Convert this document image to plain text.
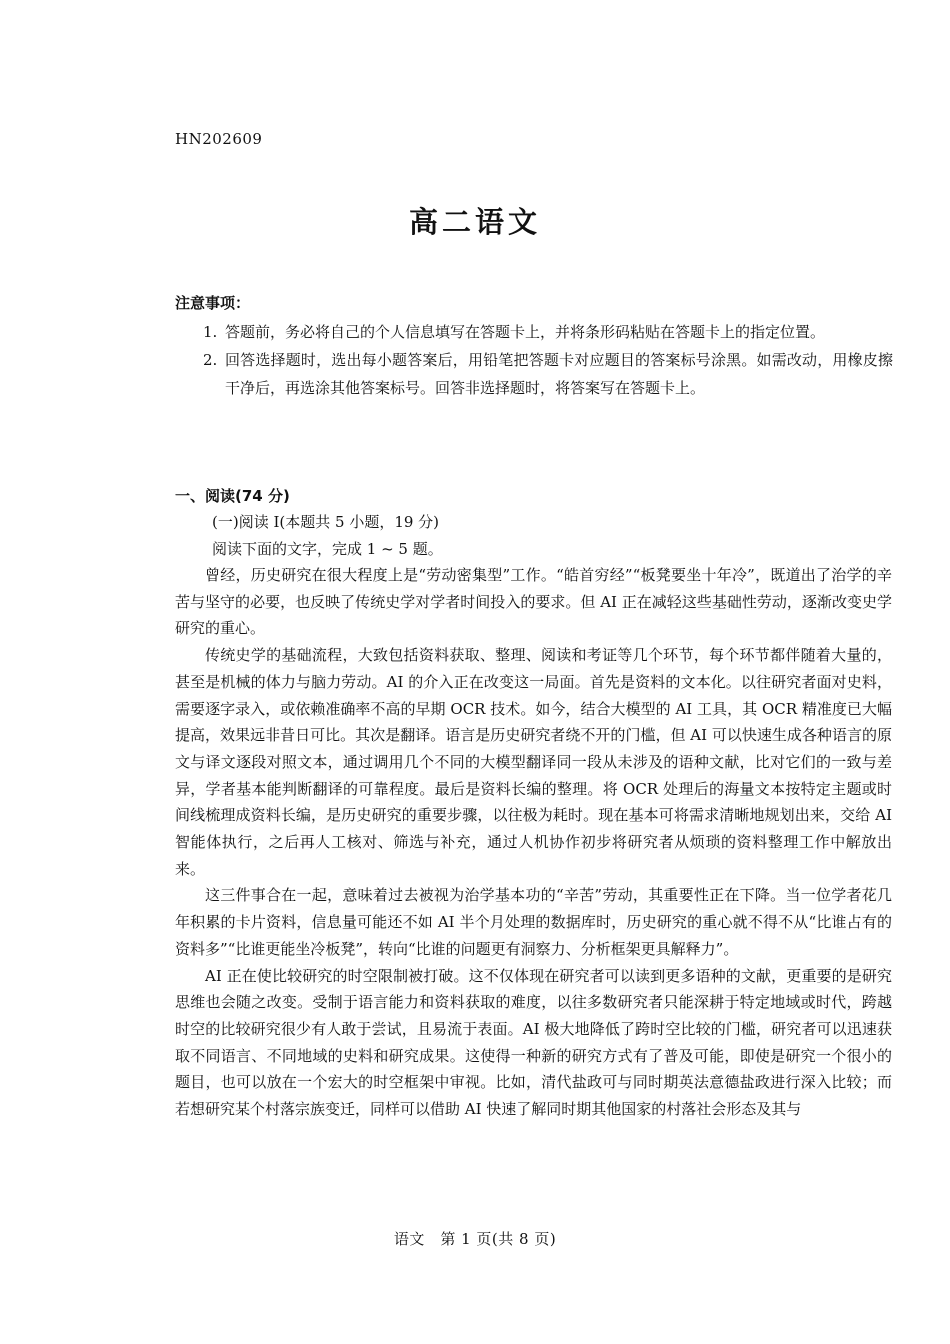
HN202609
高二语文
注意事项：
1. 答题前，务必将自己的个人信息填写在答题卡上，并将条形码粘贴在答题卡上的指定位置。
2. 回答选择题时，选出每小题答案后，用铅笔把答题卡对应题目的答案标号涂黑。如需改动，用橡皮擦干净后，再选涂其他答案标号。回答非选择题时，将答案写在答题卡上。
一、阅读(74 分)
(一)阅读 Ⅰ(本题共 5 小题，19 分)
阅读下面的文字，完成 1 ~ 5 题。

曾经，历史研究在很大程度上是“劳动密集型”工作。“皓首穷经”“板凳要坐十年冷”，既道出了治学的辛苦与坚守的必要，也反映了传统史学对学者时间投入的要求。但 AI 正在减轻这些基础性劳动，逐渐改变史学研究的重心。

传统史学的基础流程，大致包括资料获取、整理、阅读和考证等几个环节，每个环节都伴随着大量的，甚至是机械的体力与脑力劳动。AI 的介入正在改变这一局面。首先是资料的文本化。以往研究者面对史料，需要逐字录入，或依赖准确率不高的早期 OCR 技术。如今，结合大模型的 AI 工具，其 OCR 精准度已大幅提高，效果远非昔日可比。其次是翻译。语言是历史研究者绕不开的门槛，但 AI 可以快速生成各种语言的原文与译文逐段对照文本，通过调用几个不同的大模型翻译同一段从未涉及的语种文献，比对它们的一致与差异，学者基本能判断翻译的可靠程度。最后是资料长编的整理。将 OCR 处理后的海量文本按特定主题或时间线梳理成资料长编，是历史研究的重要步骤，以往极为耗时。现在基本可将需求清晰地规划出来，交给 AI 智能体执行，之后再人工核对、筛选与补充，通过人机协作初步将研究者从烦琐的资料整理工作中解放出来。

这三件事合在一起，意味着过去被视为治学基本功的“辛苦”劳动，其重要性正在下降。当一位学者花几年积累的卡片资料，信息量可能还不如 AI 半个月处理的数据库时，历史研究的重心就不得不从“比谁占有的资料多”“比谁更能坐冷板凳”，转向“比谁的问题更有洞察力、分析框架更具解释力”。

AI 正在使比较研究的时空限制被打破。这不仅体现在研究者可以读到更多语种的文献，更重要的是研究思维也会随之改变。受制于语言能力和资料获取的难度，以往多数研究者只能深耕于特定地域或时代，跨越时空的比较研究很少有人敢于尝试，且易流于表面。AI 极大地降低了跨时空比较的门槛，研究者可以迅速获取不同语言、不同地域的史料和研究成果。这使得一种新的研究方式有了普及可能，即使是研究一个很小的题目，也可以放在一个宏大的时空框架中审视。比如，清代盐政可与同时期英法意德盐政进行深入比较；而若想研究某个村落宗族变迁，同样可以借助 AI 快速了解同时期其他国家的村落社会形态及其与

语文　第 1 页(共 8 页)
